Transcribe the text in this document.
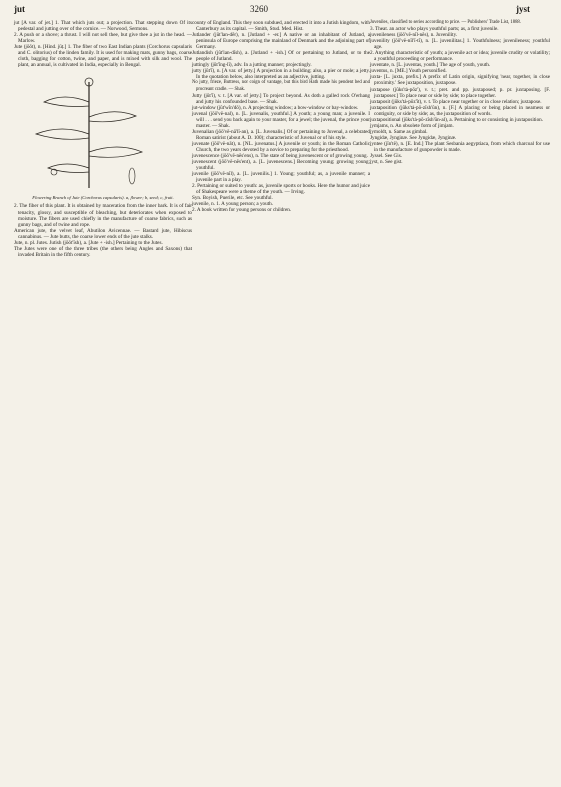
jut	3260	jyst

jut [A var. of jet.] 1. That which juts out; a projection. That stepping down Of its pedestal and jutting over of the cornice. — Norwood, Sermons.

2. A push or a shove; a thrust. I will not sell thee, but give thee a jut in the head. — Marlow.

Jute (jōōt), n. [Hind. jūṭ.] 1. The fiber of two East Indian plants (Corchorus capsularis and C. olitorius) of the linden family. It is used for making mats, gunny bags, coarse cloth, bagging for cotton, twine, and paper, and is mixed with silk and wool. The plant, an annual, is cultivated in India, especially in Bengal.

Flowering Branch of Jute (Corchorus capsularis). a, flower; b, seed; c, fruit.

2. The fiber of this plant. It is obtained by maceration from the inner bark. It is of fair tenacity, glossy, and susceptible of bleaching, but deteriorates when exposed to moisture. The fibers are used chiefly in the manufacture of coarse fabrics, such as gunny bags, and of twine and rope.

American jute, the velvet leaf, Abutilon Avicennae. — Bastard jute, Hibiscus cannabinus. — Jute butts, the coarse lower ends of the jute stalks.

Jute, n. pl. Jutes. Jutish (jōōt'ĭsh), a. [Jute + -ish.] Pertaining to the Jutes.

The Jutes were one of the three tribes (the others being Angles and Saxons) that invaded Britain in the fifth century.

county of England. This they soon subdued, and erected it into a Jutish kingdom, with Canterbury as its capital. — Smith, Stud. Med. Hist.

Jutlander (jŭt'lan-dẽr), n. [Jutland + -er.] A native or an inhabitant of Jutland, a peninsula of Europe comprising the mainland of Denmark and the adjoining part of Germany.

Jutlandish (jŭt'lan-dĭsh), a. [Jutland + -ish.] Of or pertaining to Jutland, or to the people of Jutland.

juttingly (jŭt'ĭng-lĭ), adv. In a jutting manner; projectingly.

jutty (jŭt'ĭ), n. [A var. of jetty.] A projection in a building; also, a pier or mole; a jetty. In the quotation below, also interpreted as an adjective, jutting.

No jutty, frieze, Buttress, nor coign of vantage, but this bird Hath made his pendent bed and procreant cradle. — Shak.

Jutty (jŭt'ĭ), v. t. [A var. of jetty.] To project beyond. As doth a galled rock O'erhang and jutty his confounded base. — Shak.

jut-window (jŭt'wĭn'dō), n. A projecting window; a bow-window or bay-window.

juvenal (jōō'vē-nal), n. [L. juvenalis, youthful.] A youth; a young man; a juvenile. I will . . . send you back again to your master, for a jewel; the juvenal, the prince your master. — Shak.

Juvenalian (jōō'vē-nā'lĭ-an), a. [L. Juvenalis.] Of or pertaining to Juvenal, a celebrated Roman satirist (about A. D. 100); characteristic of Juvenal or of his style.

juvenate (jōō'vē-nāt), n. [NL. juvenatus.] A juvenile or youth; in the Roman Catholic Church, the two years devoted by a novice to preparing for the priesthood.

juvenescence (jōō'vē-nĕs'ens), n. The state of being juvenescent or of growing young.

juvenescent (jōō'vē-nĕs'ent), a. [L. juvenescens.] Becoming young; growing young; youthful.

juvenile (jōō'vē-nĭl), a. [L. juvenilis.] 1. Young; youthful; as, a juvenile manner; a juvenile part in a play.

2. Pertaining or suited to youth: as, juvenile sports or books. Here the humor and juice of Shakespeare were a theme of the youth. — Irving.

Syn. Boyish, Puerile, etc. See youthful.

juvenile, n. 1. A young person; a youth.

2. A book written for young persons or children.

Juveniles, classified to series according to price. — Publishers' Trade List, 1888.

3. Theat. an actor who plays youthful parts; as, a first juvenile.

juvenileness (jōō'vē-nĭl-nĕs), n. Juvenility.

juvenility (jōō'vē-nĭl'ĭ-tĭ), n. [L. juvenilitas.] 1. Youthfulness; juvenileness; youthful age.

2. Anything characteristic of youth; a juvenile act or idea; juvenile crudity or volatility; a youthful proceeding or performance.

juventate, n. [L. juventas, youth.] The age of youth, youth.

juventus, n. [ME.] Youth personified.

juxta- [L. juxta, prefix.] A prefix of Latin origin, signifying 'near, together, in close proximity.' See juxtaposition, juxtapose.

juxtapose (jŭks'tȧ-pōz'), v. t.; pret. and pp. juxtaposed; p. pr. juxtaposing. [F. juxtaposer.] To place near or side by side; to place together.

juxtaposit (jŭks'tȧ-pŏz'ĭt), v. t. To place near together or in close relation; juxtapose.

juxtaposition (jŭks'tȧ-pō-zĭsh'ŭn), n. [F.] A placing or being placed in nearness or contiguity, or side by side; as, the juxtaposition of words.

juxtapositional (jŭks'tȧ-pō-zĭsh'ŭn-al), a. Pertaining to or consisting in juxtaposition.

jymjams, n. An obsolete form of jimjam.

jymoldt, n. Same as gimbal.

Jyngidæ, Jynginæ. See Jyngidæ, Jynginæ.

jyntee (jĭn'tē), n. [E. Ind.] The plant Sesbania aegyptiaca, from which charcoal for use in the manufacture of gunpowder is made.

Jyssel. See Gis.

jyst, n. See gist.
